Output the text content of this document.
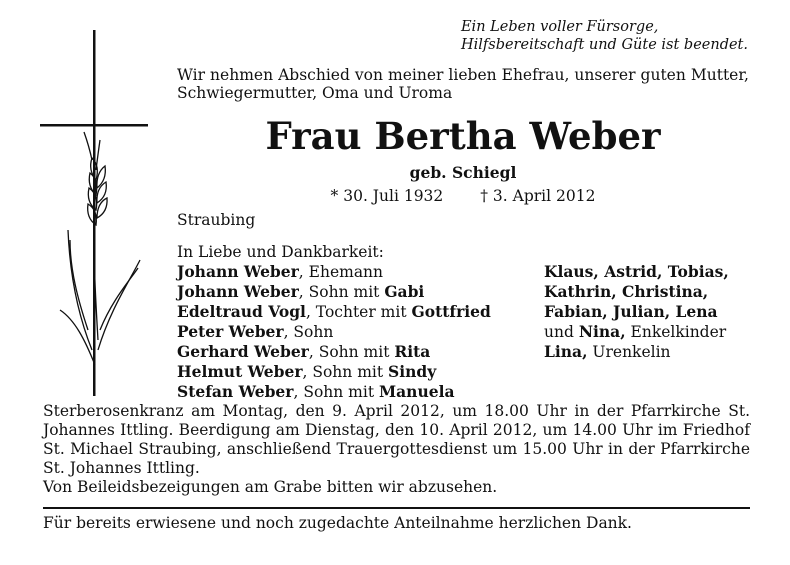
Ein Leben voller Fürsorge,
Hilfsbereitschaft und Güte ist beendet.
Wir nehmen Abschied von meiner lieben Ehefrau, unserer guten Mutter, Schwiegermutter, Oma und Uroma
Frau Bertha Weber
geb. Schiegl
* 30. Juli 1932 † 3. April 2012
Straubing
In Liebe und Dankbarkeit:
Johann Weber, Ehemann
Johann Weber, Sohn mit Gabi
Edeltraud Vogl, Tochter mit Gottfried
Peter Weber, Sohn
Gerhard Weber, Sohn mit Rita
Helmut Weber, Sohn mit Sindy
Stefan Weber, Sohn mit Manuela
Klaus, Astrid, Tobias,
Kathrin, Christina,
Fabian, Julian, Lena
und Nina, Enkelkinder
Lina, Urenkelin
Sterberosenkranz am Montag, den 9. April 2012, um 18.00 Uhr in der Pfarrkirche St. Johannes Ittling. Beerdigung am Dienstag, den 10. April 2012, um 14.00 Uhr im Friedhof St. Michael Straubing, anschließend Trauergottesdienst um 15.00 Uhr in der Pfarrkirche St. Johannes Ittling.
Von Beileidsbezeigungen am Grabe bitten wir abzusehen.
Für bereits erwiesene und noch zugedachte Anteilnahme herzlichen Dank.
